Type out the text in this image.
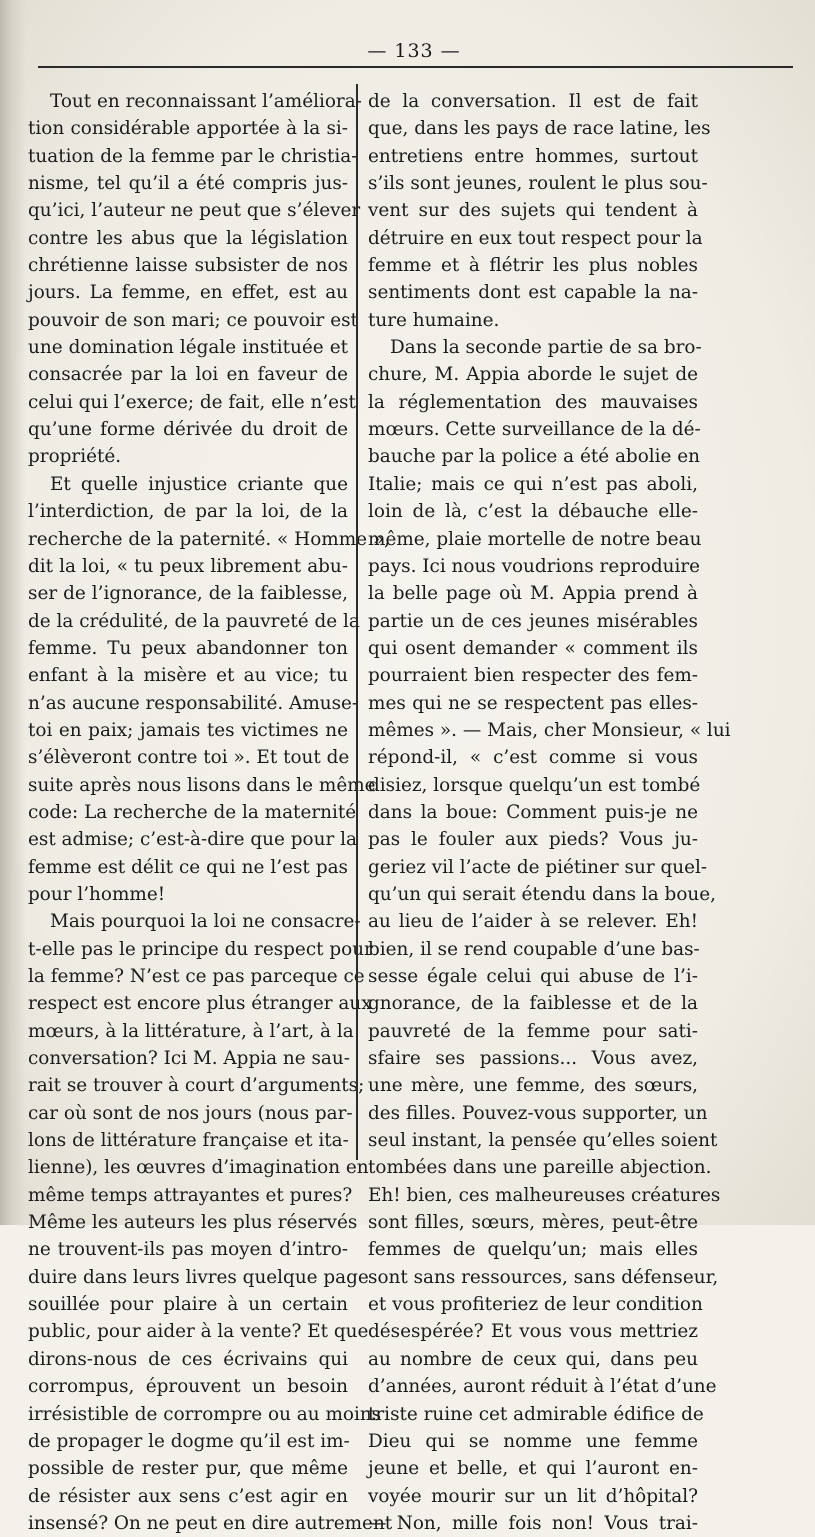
— 133 —
Tout en reconnaissant l’améliora-
tion considérable apportée à la si-
tuation de la femme par le christia-
nisme, tel qu’il a été compris jus-
qu’ici, l’auteur ne peut que s’élever
contre les abus que la législation
chrétienne laisse subsister de nos
jours. La femme, en effet, est au
pouvoir de son mari; ce pouvoir est
une domination légale instituée et
consacrée par la loi en faveur de
celui qui l’exerce; de fait, elle n’est
qu’une forme dérivée du droit de
propriété.
Et quelle injustice criante que
l’interdiction, de par la loi, de la
recherche de la paternité. « Homme »,
dit la loi, « tu peux librement abu-
ser de l’ignorance, de la faiblesse,
de la crédulité, de la pauvreté de la
femme. Tu peux abandonner ton
enfant à la misère et au vice; tu
n’as aucune responsabilité. Amuse-
toi en paix; jamais tes victimes ne
s’élèveront contre toi ». Et tout de
suite après nous lisons dans le même
code: La recherche de la maternité
est admise; c’est-à-dire que pour la
femme est délit ce qui ne l’est pas
pour l’homme!
Mais pourquoi la loi ne consacre-
t-elle pas le principe du respect pour
la femme? N’est ce pas parceque ce
respect est encore plus étranger aux
mœurs, à la littérature, à l’art, à la
conversation? Ici M. Appia ne sau-
rait se trouver à court d’arguments;
car où sont de nos jours (nous par-
lons de littérature française et ita-
lienne), les œuvres d’imagination en
même temps attrayantes et pures?
Même les auteurs les plus réservés
ne trouvent-ils pas moyen d’intro-
duire dans leurs livres quelque page
souillée pour plaire à un certain
public, pour aider à la vente? Et que
dirons-nous de ces écrivains qui
corrompus, éprouvent un besoin
irrésistible de corrompre ou au moins
de propager le dogme qu’il est im-
possible de rester pur, que même
de résister aux sens c’est agir en
insensé? On ne peut en dire autrement
de la conversation. Il est de fait
que, dans les pays de race latine, les
entretiens entre hommes, surtout
s’ils sont jeunes, roulent le plus sou-
vent sur des sujets qui tendent à
détruire en eux tout respect pour la
femme et à flétrir les plus nobles
sentiments dont est capable la na-
ture humaine.
Dans la seconde partie de sa bro-
chure, M. Appia aborde le sujet de
la réglementation des mauvaises
mœurs. Cette surveillance de la dé-
bauche par la police a été abolie en
Italie; mais ce qui n’est pas aboli,
loin de là, c’est la débauche elle-
même, plaie mortelle de notre beau
pays. Ici nous voudrions reproduire
la belle page où M. Appia prend à
partie un de ces jeunes misérables
qui osent demander « comment ils
pourraient bien respecter des fem-
mes qui ne se respectent pas elles-
mêmes ». — Mais, cher Monsieur, « lui
répond-il, « c’est comme si vous
disiez, lorsque quelqu’un est tombé
dans la boue: Comment puis-je ne
pas le fouler aux pieds? Vous ju-
geriez vil l’acte de piétiner sur quel-
qu’un qui serait étendu dans la boue,
au lieu de l’aider à se relever. Eh!
bien, il se rend coupable d’une bas-
sesse égale celui qui abuse de l’i-
gnorance, de la faiblesse et de la
pauvreté de la femme pour sati-
sfaire ses passions... Vous avez,
une mère, une femme, des sœurs,
des filles. Pouvez-vous supporter, un
seul instant, la pensée qu’elles soient
tombées dans une pareille abjection.
Eh! bien, ces malheureuses créatures
sont filles, sœurs, mères, peut-être
femmes de quelqu’un; mais elles
sont sans ressources, sans défenseur,
et vous profiteriez de leur condition
désespérée? Et vous vous mettriez
au nombre de ceux qui, dans peu
d’années, auront réduit à l’état d’une
triste ruine cet admirable édifice de
Dieu qui se nomme une femme
jeune et belle, et qui l’auront en-
voyée mourir sur un lit d’hôpital?
— Non, mille fois non! Vous trai-
